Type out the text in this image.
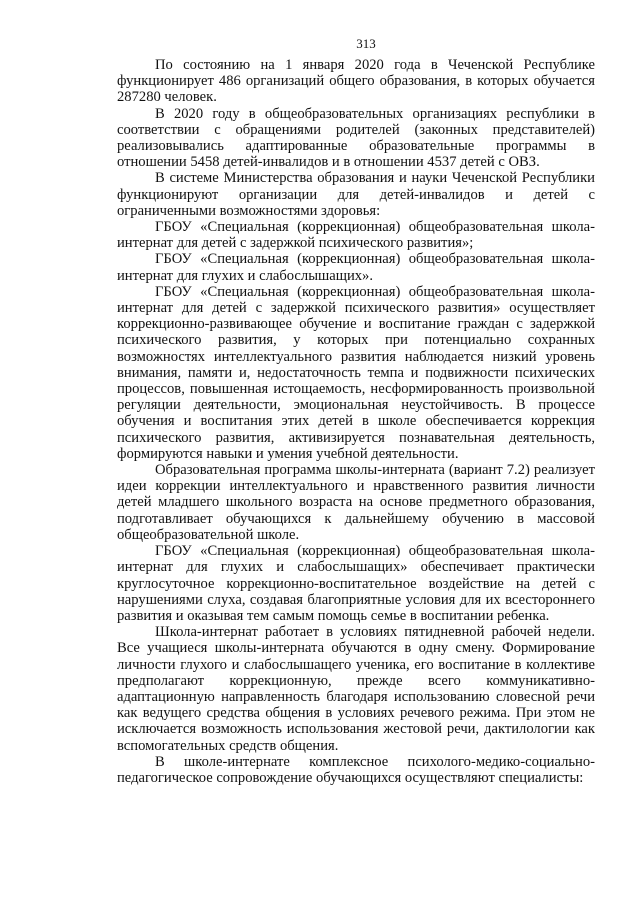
313

По состоянию на 1 января 2020 года в Чеченской Республике функционирует 486 организаций общего образования, в которых обучается 287280 человек.

В 2020 году в общеобразовательных организациях республики в соответствии с обращениями родителей (законных представителей) реализовывались адаптированные образовательные программы в отношении 5458 детей-инвалидов и в отношении 4537 детей с ОВЗ.

В системе Министерства образования и науки Чеченской Республики функционируют организации для детей-инвалидов и детей с ограниченными возможностями здоровья:

ГБОУ «Специальная (коррекционная) общеобразовательная школа-интернат для детей с задержкой психического развития»;

ГБОУ «Специальная (коррекционная) общеобразовательная школа-интернат для глухих и слабослышащих».

ГБОУ «Специальная (коррекционная) общеобразовательная школа-интернат для детей с задержкой психического развития» осуществляет коррекционно-развивающее обучение и воспитание граждан с задержкой психического развития, у которых при потенциально сохранных возможностях интеллектуального развития наблюдается низкий уровень внимания, памяти и, недостаточность темпа и подвижности психических процессов, повышенная истощаемость, несформированность произвольной регуляции деятельности, эмоциональная неустойчивость. В процессе обучения и воспитания этих детей в школе обеспечивается коррекция психического развития, активизируется познавательная деятельность, формируются навыки и умения учебной деятельности.

Образовательная программа школы-интерната (вариант 7.2) реализует идеи коррекции интеллектуального и нравственного развития личности детей младшего школьного возраста на основе предметного образования, подготавливает обучающихся к дальнейшему обучению в массовой общеобразовательной школе.

ГБОУ «Специальная (коррекционная) общеобразовательная школа-интернат для глухих и слабослышащих» обеспечивает практически круглосуточное коррекционно-воспитательное воздействие на детей с нарушениями слуха, создавая благоприятные условия для их всестороннего развития и оказывая тем самым помощь семье в воспитании ребенка.

Школа-интернат работает в условиях пятидневной рабочей недели. Все учащиеся школы-интерната обучаются в одну смену. Формирование личности глухого и слабослышащего ученика, его воспитание в коллективе предполагают коррекционную, прежде всего коммуникативно-адаптационную направленность благодаря использованию словесной речи как ведущего средства общения в условиях речевого режима. При этом не исключается возможность использования жестовой речи, дактилологии как вспомогательных средств общения.

В школе-интернате комплексное психолого-медико-социально-педагогическое сопровождение обучающихся осуществляют специалисты:
